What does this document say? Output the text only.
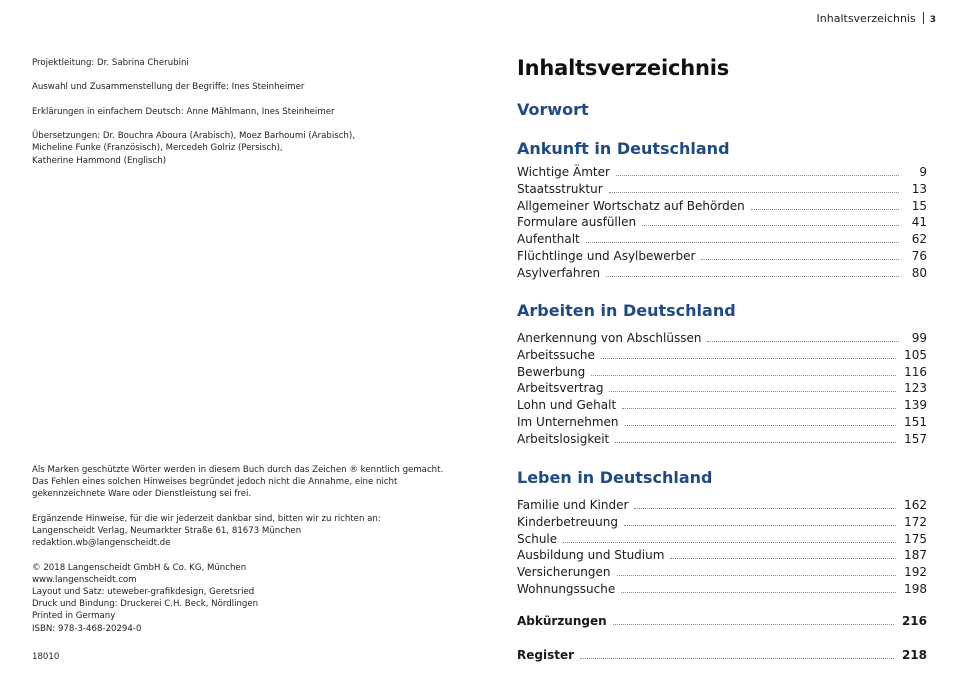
Inhaltsverzeichnis 3

Projektleitung: Dr. Sabrina Cherubini

Auswahl und Zusammenstellung der Begriffe: Ines Steinheimer

Erklärungen in einfachem Deutsch: Anne Mählmann, Ines Steinheimer

Übersetzungen: Dr. Bouchra Aboura (Arabisch), Moez Barhoumi (Arabisch),
Micheline Funke (Französisch), Mercedeh Golriz (Persisch),
Katherine Hammond (Englisch)

Als Marken geschützte Wörter werden in diesem Buch durch das Zeichen ® kenntlich gemacht.

Das Fehlen eines solchen Hinweises begründet jedoch nicht die Annahme, eine nicht

gekennzeichnete Ware oder Dienstleistung sei frei.

Ergänzende Hinweise, für die wir jederzeit dankbar sind, bitten wir zu richten an:

Langenscheidt Verlag, Neumarkter Straße 61, 81673 München

redaktion.wb@langenscheidt.de

© 2018 Langenscheidt GmbH & Co. KG, München

www.langenscheidt.com

Layout und Satz: uteweber-grafikdesign, Geretsried

Druck und Bindung: Druckerei C.H. Beck, Nördlingen

Printed in Germany

ISBN: 978-3-468-20294-0

18010
Inhaltsverzeichnis
Vorwort
Ankunft in Deutschland
Wichtige Ämter	9
Staatsstruktur	13
Allgemeiner Wortschatz auf Behörden	15
Formulare ausfüllen	41
Aufenthalt	62
Flüchtlinge und Asylbewerber	76
Asylverfahren	80
Arbeiten in Deutschland
Anerkennung von Abschlüssen	99
Arbeitssuche	105
Bewerbung	116
Arbeitsvertrag	123
Lohn und Gehalt	139
Im Unternehmen	151
Arbeitslosigkeit	157
Leben in Deutschland
Familie und Kinder	162
Kinderbetreuung	172
Schule	175
Ausbildung und Studium	187
Versicherungen	192
Wohnungssuche	198
Abkürzungen	216
Register	218
